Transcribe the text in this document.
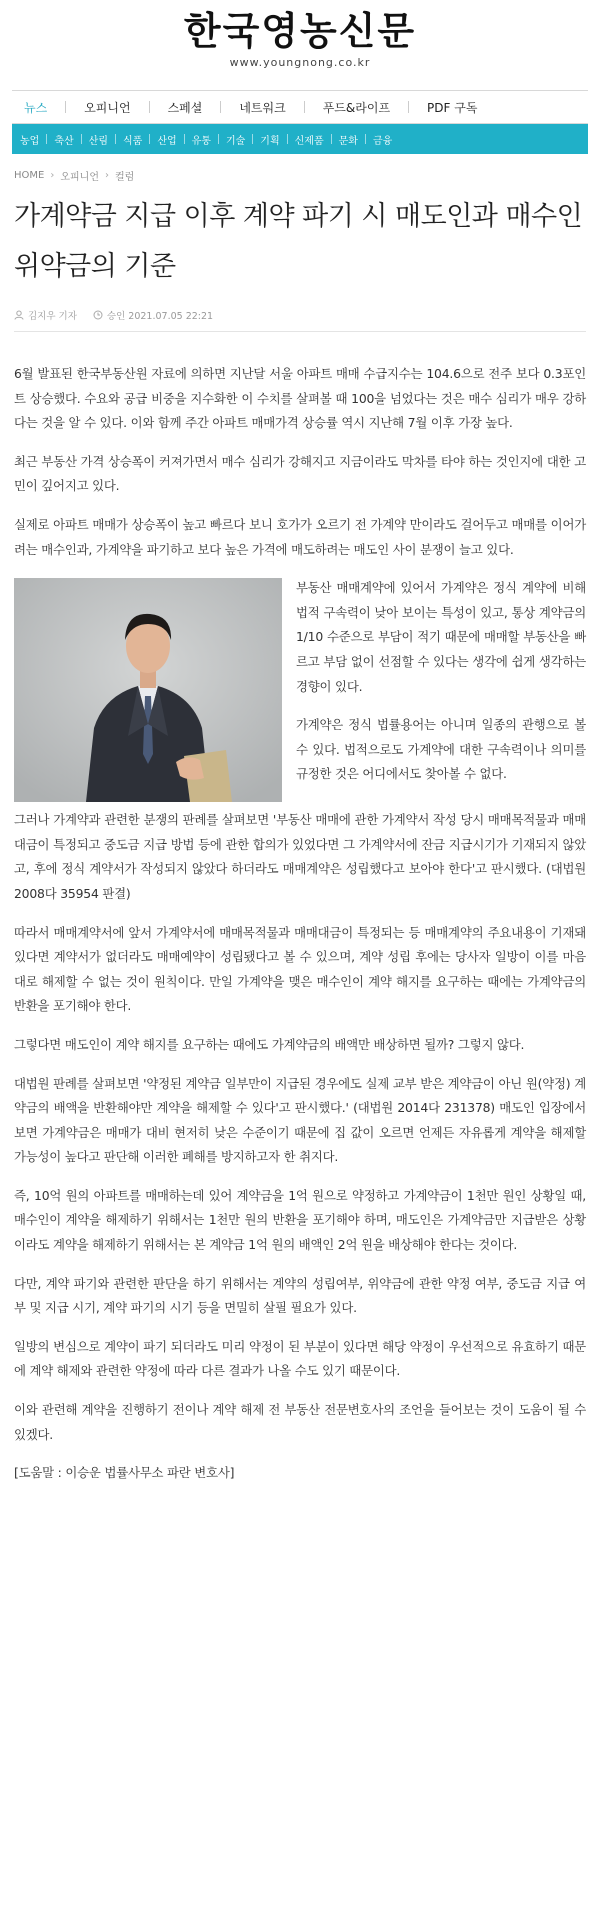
한국영농신문
www.youngnong.co.kr
뉴스	오피니언	스페셜	네트워크	푸드&라이프	PDF 구독
농업 축산 산림 식품 산업 유통 기술 기획 신제품 문화 금융
HOME › 오피니언 › 컬럼
가계약금 지급 이후 계약 파기 시 매도인과 매수인 위약금의 기준
김지우 기자	승인 2021.07.05 22:21

6월 발표된 한국부동산원 자료에 의하면 지난달 서울 아파트 매매 수급지수는 104.6으로 전주 보다 0.3포인트 상승했다. 수요와 공급 비중을 지수화한 이 수치를 살펴볼 때 100을 넘었다는 것은 매수 심리가 매우 강하다는 것을 알 수 있다. 이와 함께 주간 아파트 매매가격 상승률 역시 지난해 7월 이후 가장 높다.

최근 부동산 가격 상승폭이 커져가면서 매수 심리가 강해지고 지금이라도 막차를 타야 하는 것인지에 대한 고민이 깊어지고 있다.

실제로 아파트 매매가 상승폭이 높고 빠르다 보니 호가가 오르기 전 가계약 만이라도 걸어두고 매매를 이어가려는 매수인과, 가계약을 파기하고 보다 높은 가격에 매도하려는 매도인 사이 분쟁이 늘고 있다.

부동산 매매계약에 있어서 가계약은 정식 계약에 비해 법적 구속력이 낮아 보이는 특성이 있고, 통상 계약금의 1/10 수준으로 부담이 적기 때문에 매매할 부동산을 빠르고 부담 없이 선점할 수 있다는 생각에 쉽게 생각하는 경향이 있다.

가계약은 정식 법률용어는 아니며 일종의 관행으로 볼 수 있다. 법적으로도 가계약에 대한 구속력이나 의미를 규정한 것은 어디에서도 찾아볼 수 없다.

그러나 가계약과 관련한 분쟁의 판례를 살펴보면 '부동산 매매에 관한 가계약서 작성 당시 매매목적물과 매매대금이 특정되고 중도금 지급 방법 등에 관한 합의가 있었다면 그 가계약서에 잔금 지급시기가 기재되지 않았고, 후에 정식 계약서가 작성되지 않았다 하더라도 매매계약은 성립했다고 보아야 한다'고 판시했다. (대법원 2008다 35954 판결)

따라서 매매계약서에 앞서 가계약서에 매매목적물과 매매대금이 특정되는 등 매매계약의 주요내용이 기재돼 있다면 계약서가 없더라도 매매예약이 성립됐다고 볼 수 있으며, 계약 성립 후에는 당사자 일방이 이를 마음대로 해제할 수 없는 것이 원칙이다. 만일 가계약을 맺은 매수인이 계약 해지를 요구하는 때에는 가계약금의 반환을 포기해야 한다.

그렇다면 매도인이 계약 해지를 요구하는 때에도 가계약금의 배액만 배상하면 될까? 그렇지 않다.

대법원 판례를 살펴보면 '약정된 계약금 일부만이 지급된 경우에도 실제 교부 받은 계약금이 아닌 원(약정) 계약금의 배액을 반환해야만 계약을 해제할 수 있다'고 판시했다.' (대법원 2014다 231378) 매도인 입장에서 보면 가계약금은 매매가 대비 현저히 낮은 수준이기 때문에 집 값이 오르면 언제든 자유롭게 계약을 해제할 가능성이 높다고 판단해 이러한 폐해를 방지하고자 한 취지다.

즉, 10억 원의 아파트를 매매하는데 있어 계약금을 1억 원으로 약정하고 가계약금이 1천만 원인 상황일 때, 매수인이 계약을 해제하기 위해서는 1천만 원의 반환을 포기해야 하며, 매도인은 가계약금만 지급받은 상황이라도 계약을 해제하기 위해서는 본 계약금 1억 원의 배액인 2억 원을 배상해야 한다는 것이다.

다만, 계약 파기와 관련한 판단을 하기 위해서는 계약의 성립여부, 위약금에 관한 약정 여부, 중도금 지급 여부 및 지급 시기, 계약 파기의 시기 등을 면밀히 살필 필요가 있다.

일방의 변심으로 계약이 파기 되더라도 미리 약정이 된 부분이 있다면 해당 약정이 우선적으로 유효하기 때문에 계약 해제와 관련한 약정에 따라 다른 결과가 나올 수도 있기 때문이다.

이와 관련해 계약을 진행하기 전이나 계약 해제 전 부동산 전문변호사의 조언을 들어보는 것이 도움이 될 수 있겠다.

[도움말 : 이승운 법률사무소 파란 변호사]
